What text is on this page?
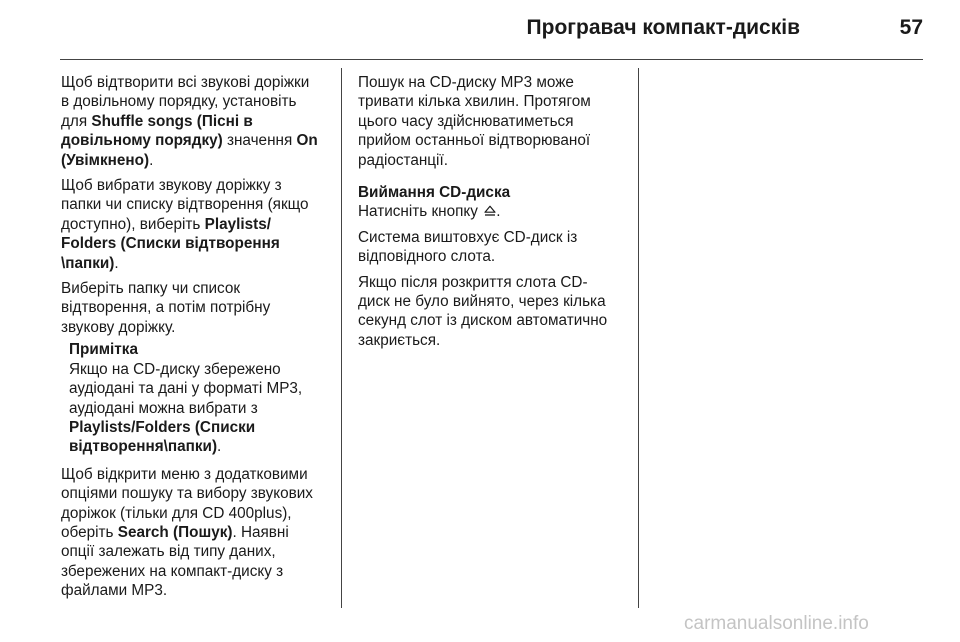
Програвач компакт-дисків	57

Щоб відтворити всі звукові доріжки
в довільному порядку, установіть
для Shuffle songs (Пісні в
довільному порядку) значення On
(Увімкнено).

Щоб вибрати звукову доріжку з
папки чи списку відтворення (якщо
доступно), виберіть Playlists/
Folders (Списки відтворення
\папки).

Виберіть папку чи список
відтворення, а потім потрібну
звукову доріжку.

Примітка
Якщо на CD-диску збережено
аудіодані та дані у форматі MP3,
аудіодані можна вибрати з
Playlists/Folders (Списки
відтворення\папки).

Щоб відкрити меню з додатковими
опціями пошуку та вибору звукових
доріжок (тільки для CD 400plus),
оберіть Search (Пошук). Наявні
опції залежать від типу даних,
збережених на компакт-диску з
файлами MP3.

Пошук на CD-диску MP3 може
тривати кілька хвилин. Протягом
цього часу здійснюватиметься
прийом останньої відтворюваної
радіостанції.

Виймання CD-диска

Натисніть кнопку .

Система виштовхує CD-диск із
відповідного слота.

Якщо після розкриття слота CD-
диск не було вийнято, через кілька
секунд слот із диском автоматично
закриється.

carmanualsonline.info
